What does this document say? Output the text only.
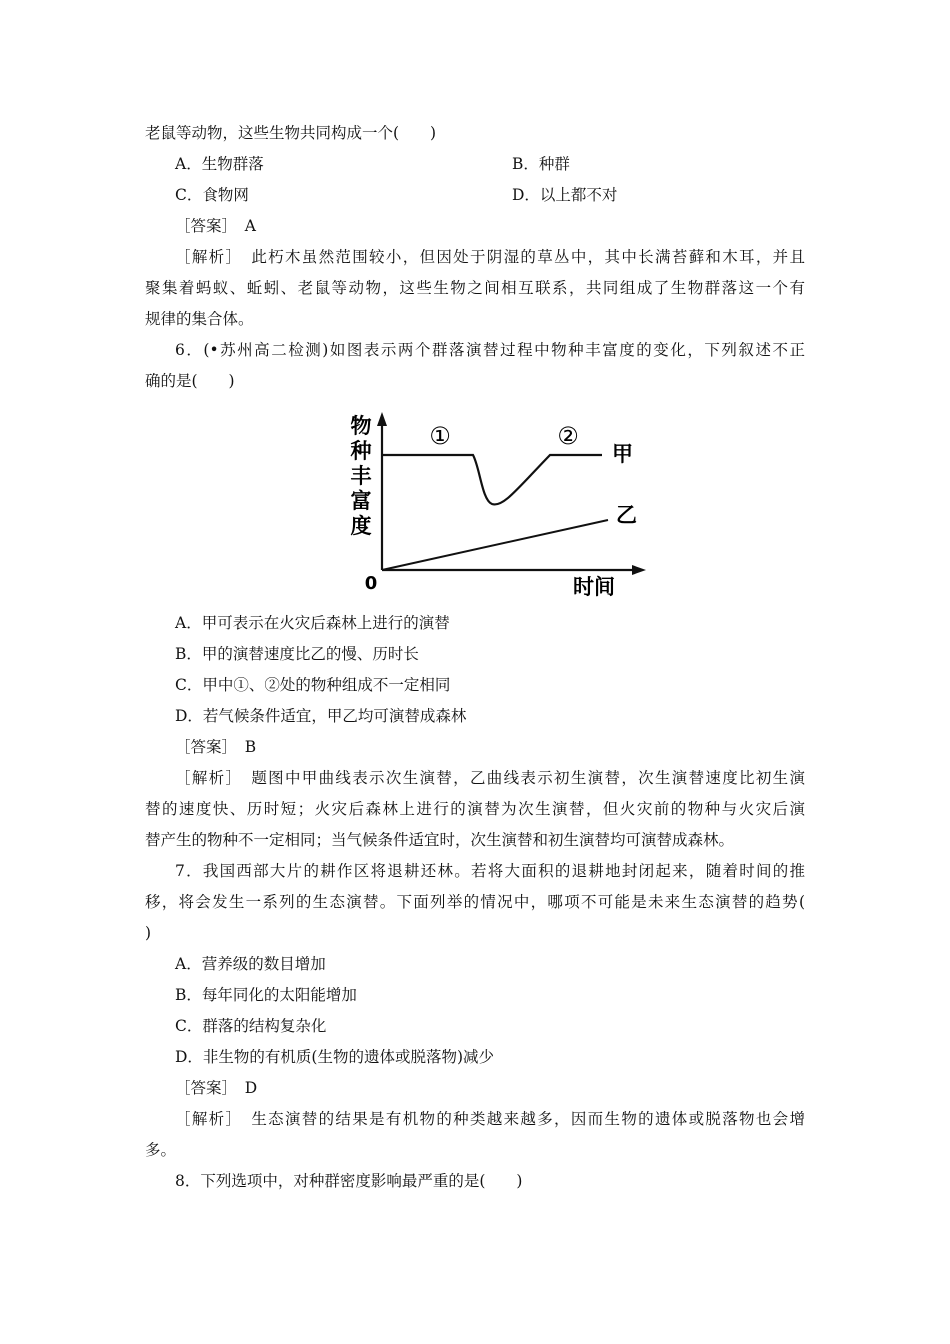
老鼠等动物，这些生物共同构成一个(　　)
A．生物群落	B．种群
C．食物网	D．以上都不对
［答案］　A
［解析］　此朽木虽然范围较小，但因处于阴湿的草丛中，其中长满苔藓和木耳，并且
聚集着蚂蚁、蚯蚓、老鼠等动物，这些生物之间相互联系，共同组成了生物群落这一个有
规律的集合体。
6．(•苏州高二检测)如图表示两个群落演替过程中物种丰富度的变化，下列叙述不正
确的是(　　)
物
种
丰
富
度
0	时间
甲
乙
①	②
A．甲可表示在火灾后森林上进行的演替
B．甲的演替速度比乙的慢、历时长
C．甲中①、②处的物种组成不一定相同
D．若气候条件适宜，甲乙均可演替成森林
［答案］　B
［解析］　题图中甲曲线表示次生演替，乙曲线表示初生演替，次生演替速度比初生演
替的速度快、历时短；火灾后森林上进行的演替为次生演替，但火灾前的物种与火灾后演
替产生的物种不一定相同；当气候条件适宜时，次生演替和初生演替均可演替成森林。
7．我国西部大片的耕作区将退耕还林。若将大面积的退耕地封闭起来，随着时间的推
移，将会发生一系列的生态演替。下面列举的情况中，哪项不可能是未来生态演替的趋势(
)
A．营养级的数目增加
B．每年同化的太阳能增加
C．群落的结构复杂化
D．非生物的有机质(生物的遗体或脱落物)减少
［答案］　D
［解析］　生态演替的结果是有机物的种类越来越多，因而生物的遗体或脱落物也会增
多。
8．下列选项中，对种群密度影响最严重的是(　　)
